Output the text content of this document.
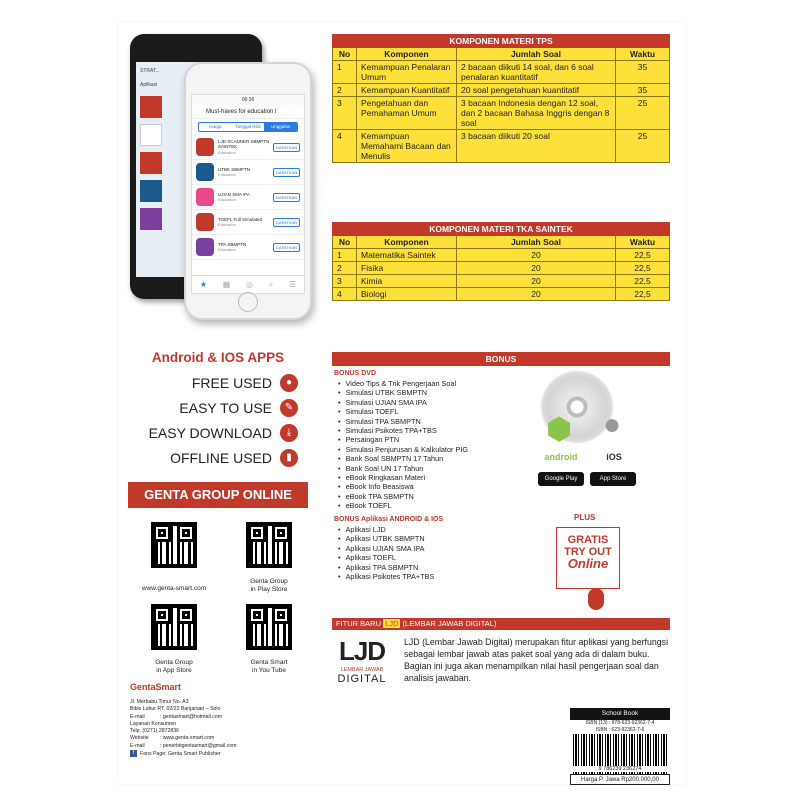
STRAT...
Aplikasi
06:36
Must-haves for education l
Harga	Tanggal Rilis	Unggulan
LJD SCANNER SBMPTN SAINTEK
Education
DAPATKAN
UTBK SBMPTN
Education	DAPATKAN
UJIAN SMA IPA
Education	DAPATKAN
TOEFL Full Simulated
Education	DAPATKAN
TPA SBMPTN
Education	DAPATKAN
★ ▦ ◎ ⌕ ☰
Android & IOS APPS
FREE USED	●
EASY TO USE	✎
EASY DOWNLOAD	⤓
OFFLINE USED	▮
GENTA GROUP ONLINE
www.genta-smart.com
Genta Group
in Play Store
Genta Group
in App Store
Genta Smart
in You Tube
GentaSmart
Jl. Merbabu Timur No. A3
Bibis Luhur RT. 02/22 Banjarsari – Solo
E-mail	: gentasmart@hotmail.com
Layanan Konsumen
Telp. (0271) 2872836
Website : www.genta-smart.com
E-mail	: penerbitgentasmart@gmail.com
f Fans Page: Genta Smart Publisher
KOMPONEN MATERI TPS			
No	Komponen	Jumlah Soal	Waktu
1	Kemampuan Penalaran Umum	2 bacaan diikuti 14 soal, dan 6 soal penalaran kuantitatif	35
2	Kemampuan Kuantitatif	20 soal pengetahuan kuantitatif	35
3	Pengetahuan dan Pemahaman Umum	3 bacaan Indonesia dengan 12 soal, dan 2 bacaan Bahasa Inggris dengan 8 soal	25
4	Kemampuan Memahami Bacaan dan Menulis	3 bacaan diikuti 20 soal	25
KOMPONEN MATERI TKA SAINTEK			
No	Komponen	Jumlah Soal	Waktu
1	Matematika Saintek	20	22,5
2	Fisika	20	22,5
3	Kimia	20	22,5
4	Biologi	20	22,5
BONUS
BONUS DVD
• Video Tips & Trik Pengerjaan Soal
• Simulasi UTBK SBMPTN
• Simulasi UJIAN SMA IPA
• Simulasi TOEFL
• Simulasi TPA SBMPTN
• Simulasi Psikotes TPA+TBS
• Persaingan PTN
• Simulasi Penjurusan & Kalkulator PIG
• Bank Soal SBMPTN 17 Tahun
• Bank Soal UN 17 Tahun
• eBook Ringkasan Materi
• eBook Info Beasiswa
• eBook TPA SBMPTN
• eBook TOEFL
BONUS Aplikasi ANDROID & IOS
• Aplikasi LJD
• Aplikasi UTBK SBMPTN
• Aplikasi UJIAN SMA IPA
• Aplikasi TOEFL
• Aplikasi TPA SBMPTN
• Aplikasi Psikotes TPA+TBS
⬢ ●
android	iOS
Google Play	App Store
PLUS
GRATIS
TRY OUT
Online
FITUR BARU LJD (LEMBAR JAWAB DIGITAL)
LJD
LEMBAR JAWAB
DIGITAL
LJD (Lembar Jawab Digital) merupakan fitur aplikasi yang berfungsi sebagai lembar jawab atas paket soal yang ada di dalam buku. Bagian ini juga akan menampilkan nilai hasil pengerjaan soal dan analisis jawaban.
School Book
ISBN (13) : 978-623-92362-7-4
ISBN : 623-92362-7-6
9 786239 236274
Harga P. Jawa Rp200.000,00
